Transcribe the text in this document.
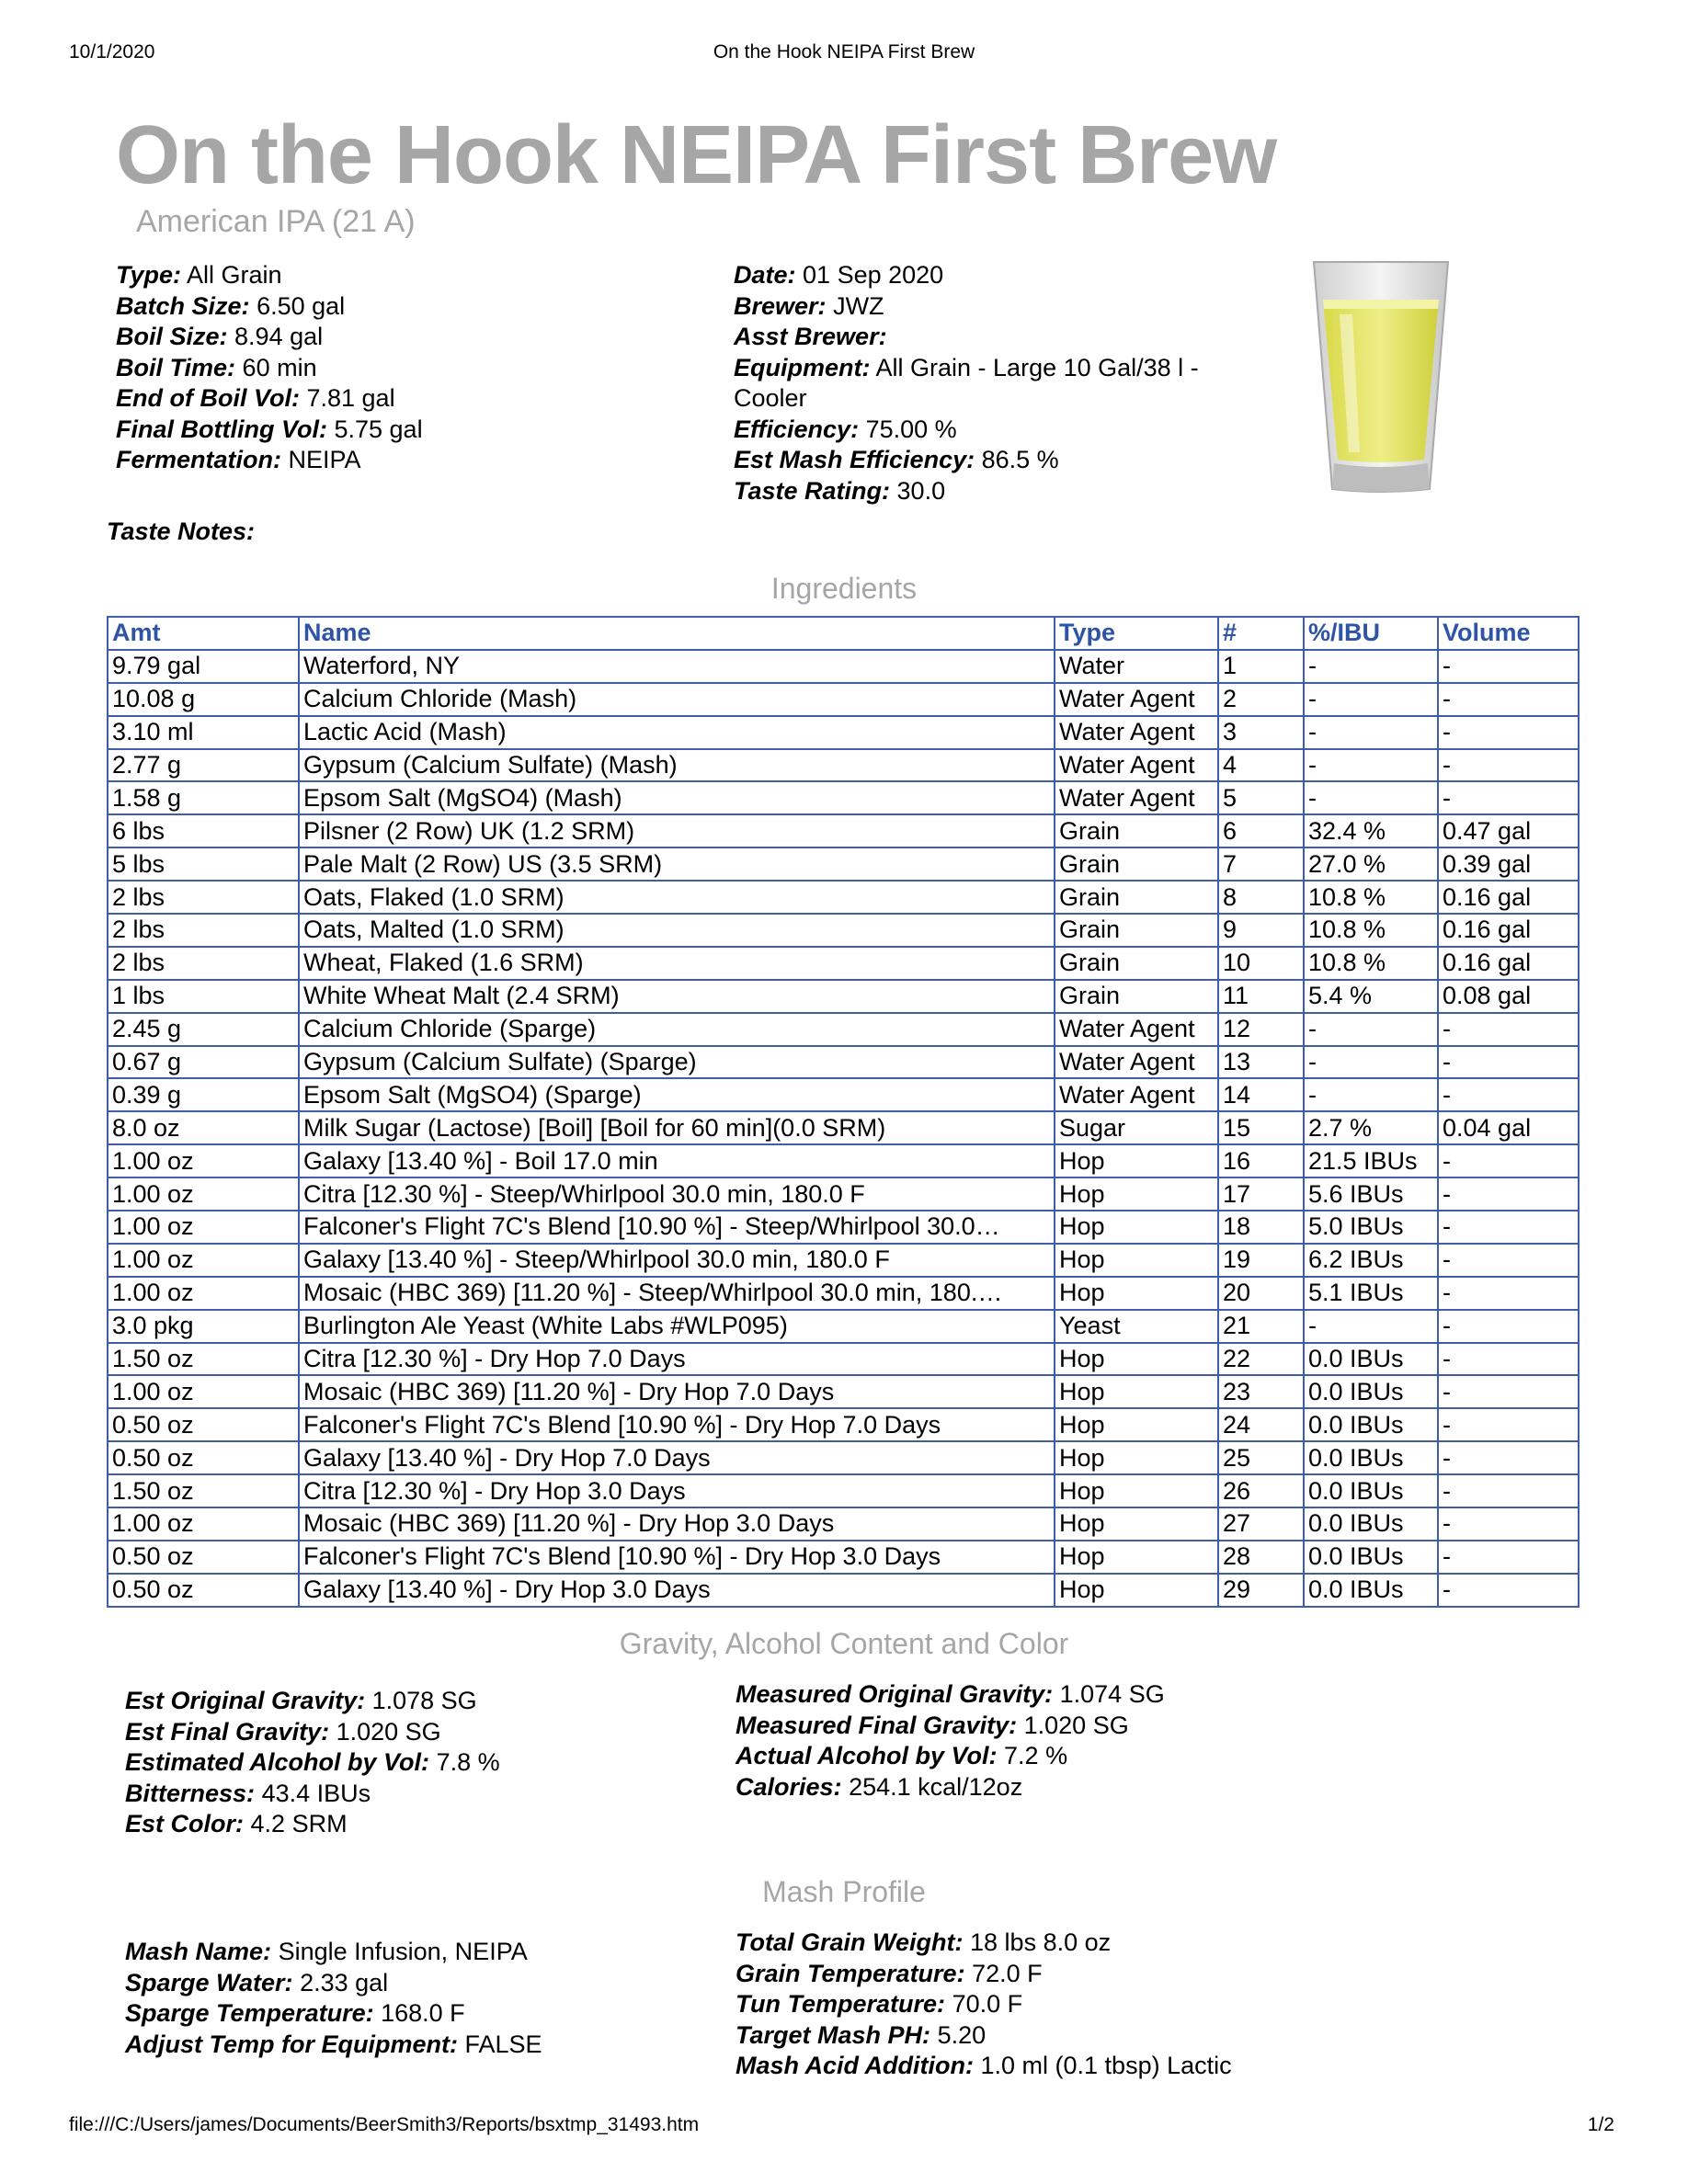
10/1/2020	On the Hook NEIPA First Brew
On the Hook NEIPA First Brew
American IPA (21 A)
Type: All Grain
Batch Size: 6.50 gal
Boil Size: 8.94 gal
Boil Time: 60 min
End of Boil Vol: 7.81 gal
Final Bottling Vol: 5.75 gal
Fermentation: NEIPA
Date: 01 Sep 2020
Brewer: JWZ
Asst Brewer:
Equipment: All Grain - Large 10 Gal/38 l -
Cooler
Efficiency: 75.00 %
Est Mash Efficiency: 86.5 %
Taste Rating: 30.0
Taste Notes:
Ingredients
Amt	Name	Type	#	%/IBU	Volume
9.79 gal	Waterford, NY	Water	1	-	-
10.08 g	Calcium Chloride (Mash)	Water Agent	2	-	-
3.10 ml	Lactic Acid (Mash)	Water Agent	3	-	-
2.77 g	Gypsum (Calcium Sulfate) (Mash)	Water Agent	4	-	-
1.58 g	Epsom Salt (MgSO4) (Mash)	Water Agent	5	-	-
6 lbs	Pilsner (2 Row) UK (1.2 SRM)	Grain	6	32.4 %	0.47 gal
5 lbs	Pale Malt (2 Row) US (3.5 SRM)	Grain	7	27.0 %	0.39 gal
2 lbs	Oats, Flaked (1.0 SRM)	Grain	8	10.8 %	0.16 gal
2 lbs	Oats, Malted (1.0 SRM)	Grain	9	10.8 %	0.16 gal
2 lbs	Wheat, Flaked (1.6 SRM)	Grain	10	10.8 %	0.16 gal
1 lbs	White Wheat Malt (2.4 SRM)	Grain	11	5.4 %	0.08 gal
2.45 g	Calcium Chloride (Sparge)	Water Agent	12	-	-
0.67 g	Gypsum (Calcium Sulfate) (Sparge)	Water Agent	13	-	-
0.39 g	Epsom Salt (MgSO4) (Sparge)	Water Agent	14	-	-
8.0 oz	Milk Sugar (Lactose) [Boil] [Boil for 60 min](0.0 SRM)	Sugar	15	2.7 %	0.04 gal
1.00 oz	Galaxy [13.40 %] - Boil 17.0 min	Hop	16	21.5 IBUs	-
1.00 oz	Citra [12.30 %] - Steep/Whirlpool 30.0 min, 180.0 F	Hop	17	5.6 IBUs	-
1.00 oz	Falconer's Flight 7C's Blend [10.90 %] - Steep/Whirlpool 30.0…	Hop	18	5.0 IBUs	-
1.00 oz	Galaxy [13.40 %] - Steep/Whirlpool 30.0 min, 180.0 F	Hop	19	6.2 IBUs	-
1.00 oz	Mosaic (HBC 369) [11.20 %] - Steep/Whirlpool 30.0 min, 180.…	Hop	20	5.1 IBUs	-
3.0 pkg	Burlington Ale Yeast (White Labs #WLP095)	Yeast	21	-	-
1.50 oz	Citra [12.30 %] - Dry Hop 7.0 Days	Hop	22	0.0 IBUs	-
1.00 oz	Mosaic (HBC 369) [11.20 %] - Dry Hop 7.0 Days	Hop	23	0.0 IBUs	-
0.50 oz	Falconer's Flight 7C's Blend [10.90 %] - Dry Hop 7.0 Days	Hop	24	0.0 IBUs	-
0.50 oz	Galaxy [13.40 %] - Dry Hop 7.0 Days	Hop	25	0.0 IBUs	-
1.50 oz	Citra [12.30 %] - Dry Hop 3.0 Days	Hop	26	0.0 IBUs	-
1.00 oz	Mosaic (HBC 369) [11.20 %] - Dry Hop 3.0 Days	Hop	27	0.0 IBUs	-
0.50 oz	Falconer's Flight 7C's Blend [10.90 %] - Dry Hop 3.0 Days	Hop	28	0.0 IBUs	-
0.50 oz	Galaxy [13.40 %] - Dry Hop 3.0 Days	Hop	29	0.0 IBUs	-
Gravity, Alcohol Content and Color
Est Original Gravity: 1.078 SG
Est Final Gravity: 1.020 SG
Estimated Alcohol by Vol: 7.8 %
Bitterness: 43.4 IBUs
Est Color: 4.2 SRM
Measured Original Gravity: 1.074 SG
Measured Final Gravity: 1.020 SG
Actual Alcohol by Vol: 7.2 %
Calories: 254.1 kcal/12oz
Mash Profile
Mash Name: Single Infusion, NEIPA
Sparge Water: 2.33 gal
Sparge Temperature: 168.0 F
Adjust Temp for Equipment: FALSE
Total Grain Weight: 18 lbs 8.0 oz
Grain Temperature: 72.0 F
Tun Temperature: 70.0 F
Target Mash PH: 5.20
Mash Acid Addition: 1.0 ml (0.1 tbsp) Lactic
file:///C:/Users/james/Documents/BeerSmith3/Reports/bsxtmp_31493.htm	1/2
